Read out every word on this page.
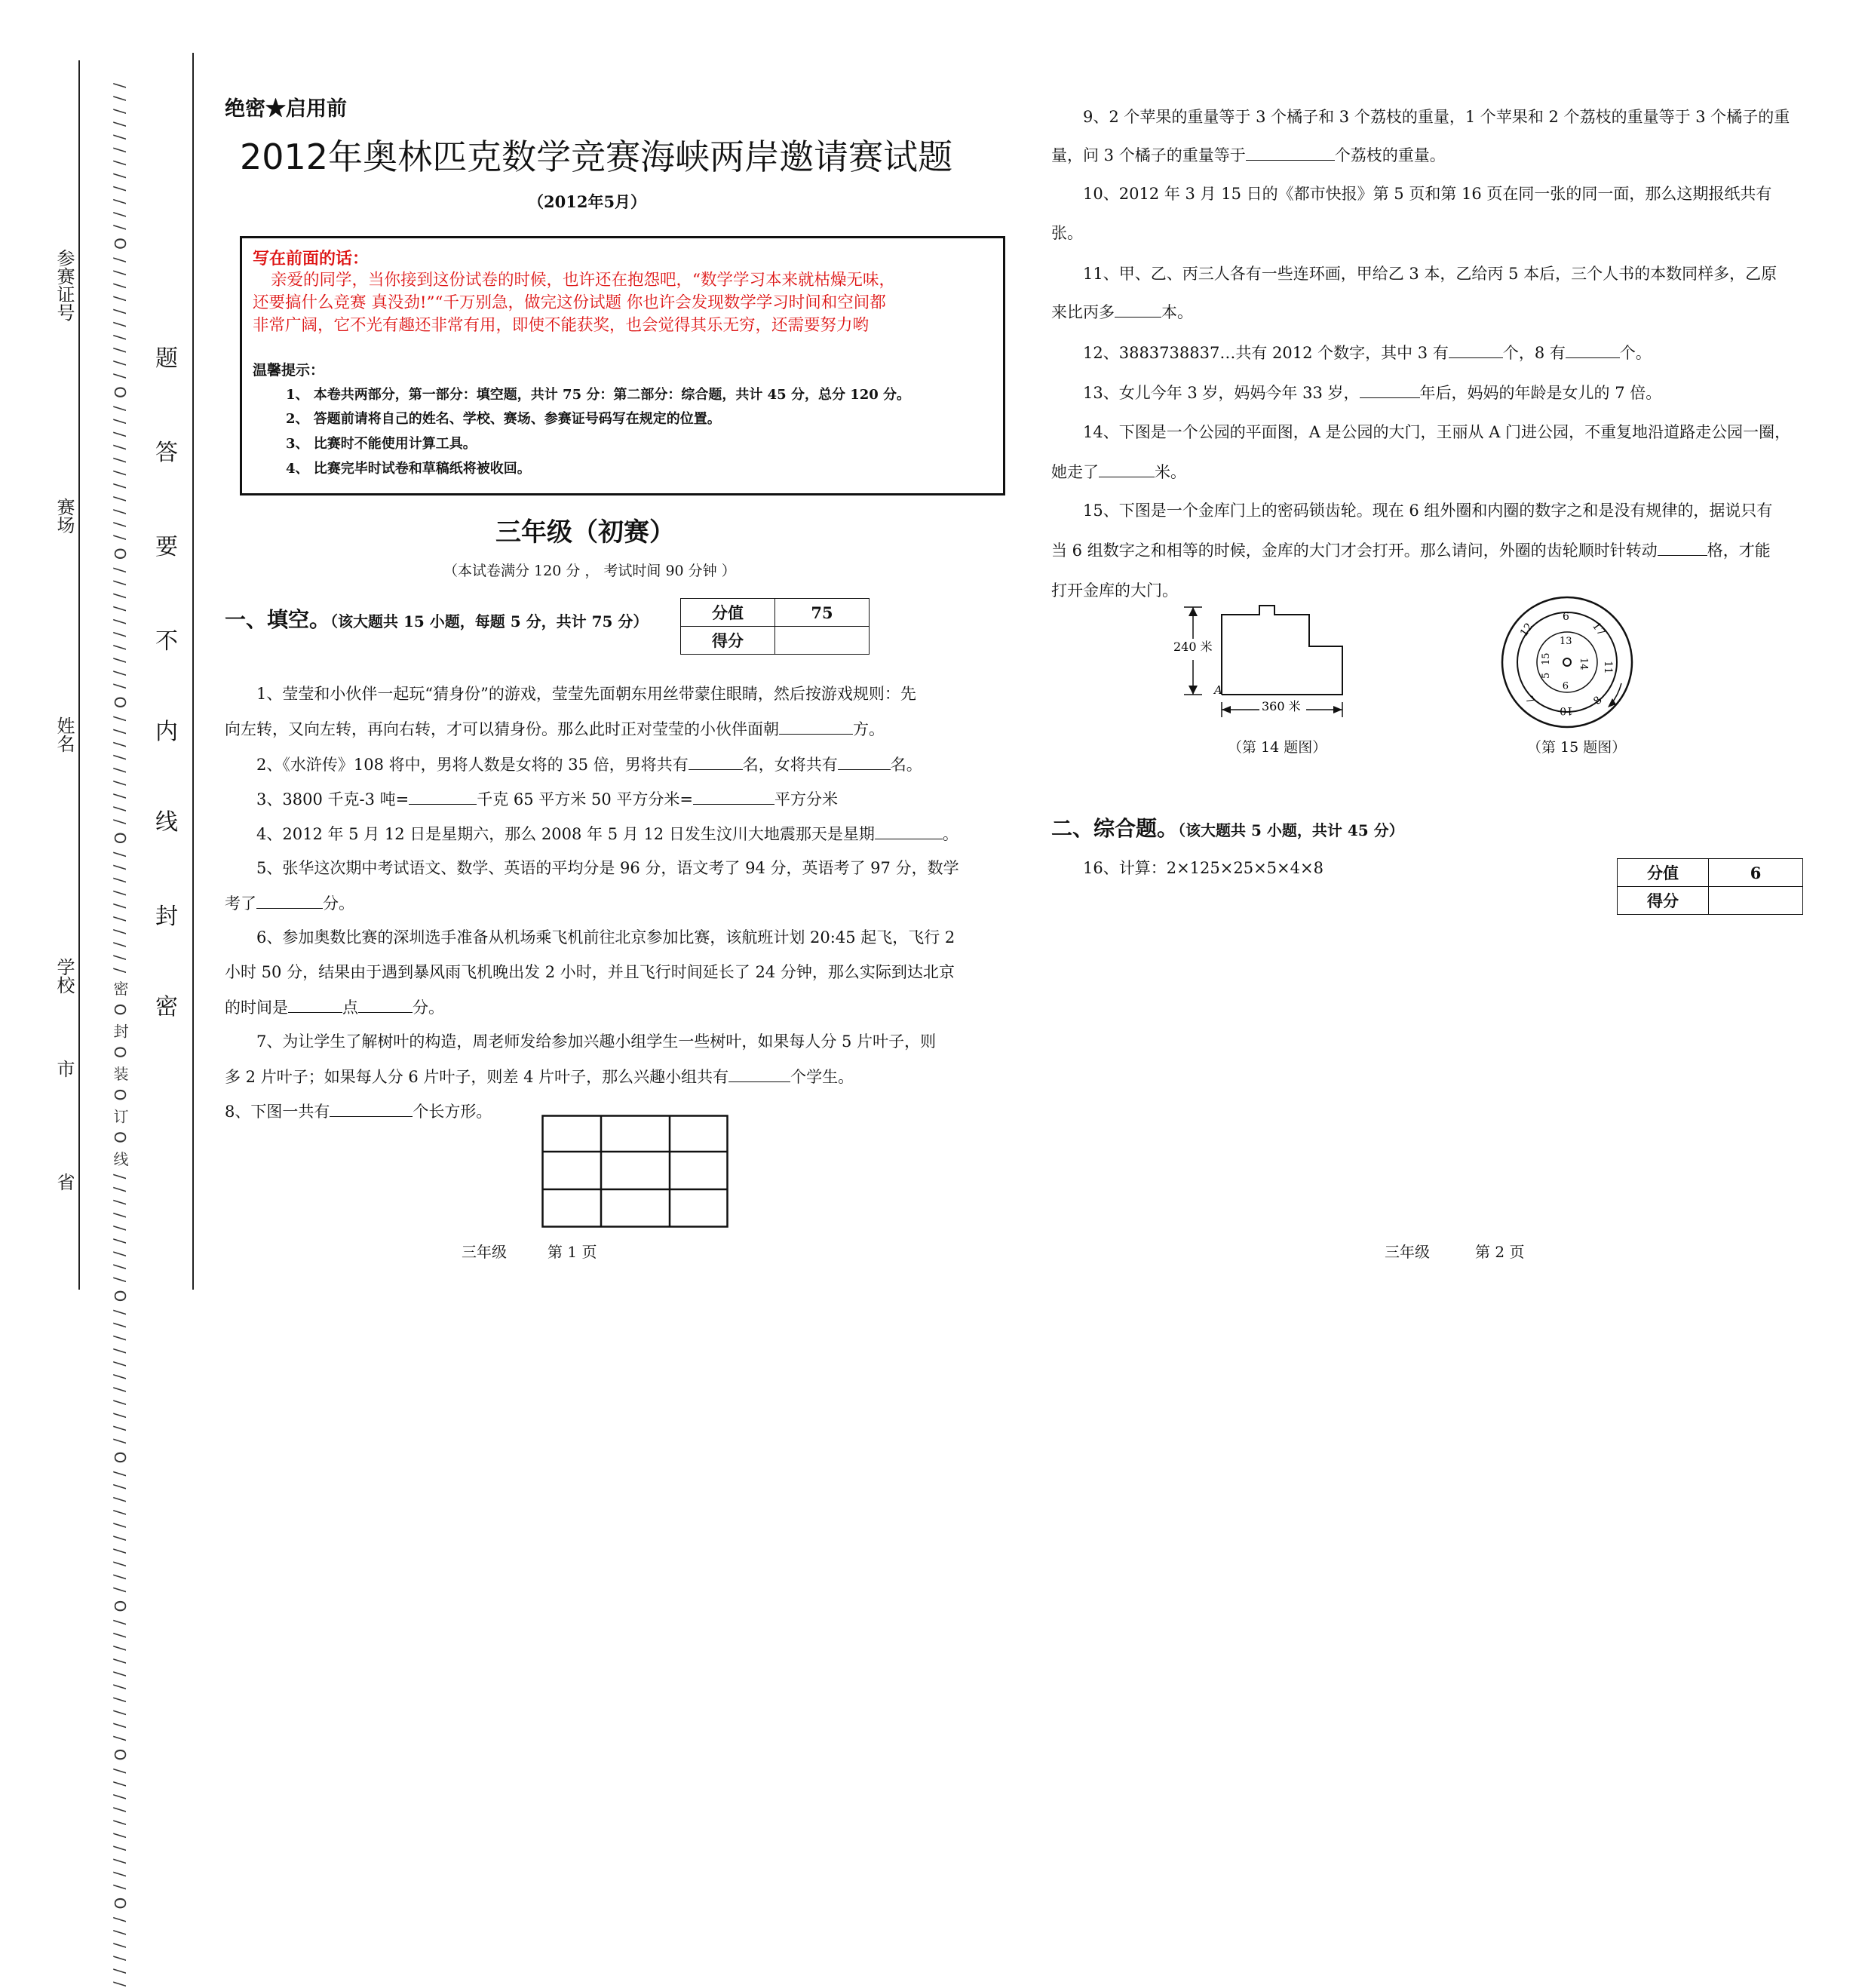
参赛证号
赛场
姓名
学校
市
省 / / / / / / / / / / / / O / / / / / / / / / / O / / / / / / / / / / / O / / / / / / / / / / O / / / / / / / / / O / / / / / / / / / / 密 O 封 O 装 O 订 O 线 / / / / / / / / / O / / / / / / / / / / / O / / / / / / / / / / O / / / / / / / / / / O / / / / / / / / / / O / / / / / / 题
答
要
不
内
线
封
密
绝密★启用前
2012年奥林匹克数学竞赛海峡两岸邀请赛试题
（2012年5月）
写在前面的话：
亲爱的同学，当你接到这份试卷的时候，也许还在抱怨吧，“数学学习本来就枯燥无味，
还要搞什么竞赛 真没劲!”“千万别急，做完这份试题 你也许会发现数学学习时间和空间都
非常广阔，它不光有趣还非常有用，即使不能获奖，也会觉得其乐无穷，还需要努力哟
温馨提示：
1、 本卷共两部分，第一部分：填空题，共计 75 分：第二部分：综合题，共计 45 分，总分 120 分。
2、 答题前请将自己的姓名、学校、赛场、参赛证号码写在规定的位置。
3、 比赛时不能使用计算工具。
4、 比赛完毕时试卷和草稿纸将被收回。
三年级（初赛）
（本试卷满分 120 分 ， 考试时间 90 分钟 ）
一、填空。（该大题共 15 小题，每题 5 分，共计 75 分）	分值	75
得分	
1、莹莹和小伙伴一起玩“猜身份”的游戏，莹莹先面朝东用丝带蒙住眼睛，然后按游戏规则：先
向左转，又向左转，再向右转，才可以猜身份。那么此时正对莹莹的小伙伴面朝	方。
2、《水浒传》108 将中，男将人数是女将的 35 倍，男将共有	名，女将共有	名。
3、3800 千克-3 吨=	千克 65 平方米 50 平方分米=	平方分米
4、2012 年 5 月 12 日是星期六，那么 2008 年 5 月 12 日发生汶川大地震那天是星期	。
5、张华这次期中考试语文、数学、英语的平均分是 96 分，语文考了 94 分，英语考了 97 分，数学
考了	分。
6、参加奥数比赛的深圳选手准备从机场乘飞机前往北京参加比赛，该航班计划 20:45 起飞，飞行 2
小时 50 分，结果由于遇到暴风雨飞机晚出发 2 小时，并且飞行时间延长了 24 分钟，那么实际到达北京
的时间是	点	分。
7、为让学生了解树叶的构造，周老师发给参加兴趣小组学生一些树叶，如果每人分 5 片叶子，则
多 2 片叶子；如果每人分 6 片叶子，则差 4 片叶子，那么兴趣小组共有	个学生。
8、下图一共有	个长方形。
三年级	第 1 页
9、2 个苹果的重量等于 3 个橘子和 3 个荔枝的重量，1 个苹果和 2 个荔枝的重量等于 3 个橘子的重
量，问 3 个橘子的重量等于	个荔枝的重量。
10、2012 年 3 月 15 日的《都市快报》第 5 页和第 16 页在同一张的同一面，那么这期报纸共有
张。
11、甲、乙、丙三人各有一些连环画，甲给乙 3 本，乙给丙 5 本后，三个人书的本数同样多，乙原
来比丙多	本。
12、3883738837…共有 2012 个数字，其中 3 有	个，8 有	个。
13、女儿今年 3 岁，妈妈今年 33 岁，	年后，妈妈的年龄是女儿的 7 倍。
14、下图是一个公园的平面图，A 是公园的大门，王丽从 A 门进公园，不重复地沿道路走公园一圈，
她走了	米。
15、下图是一个金库门上的密码锁齿轮。现在 6 组外圈和内圈的数字之和是没有规律的，据说只有
当 6 组数字之和相等的时候，金库的大门才会打开。那么请问，外圈的齿轮顺时针转动	格，才能
打开金库的大门。
240 米
A
360 米
（第 14 题图）
6
17
11
8
10
7
12
13
14
9
5
15
（第 15 题图）
二、综合题。（该大题共 5 小题，共计 45 分）
16、计算：2×125×25×5×4×8	分值	6
得分	
三年级	第 2 页
